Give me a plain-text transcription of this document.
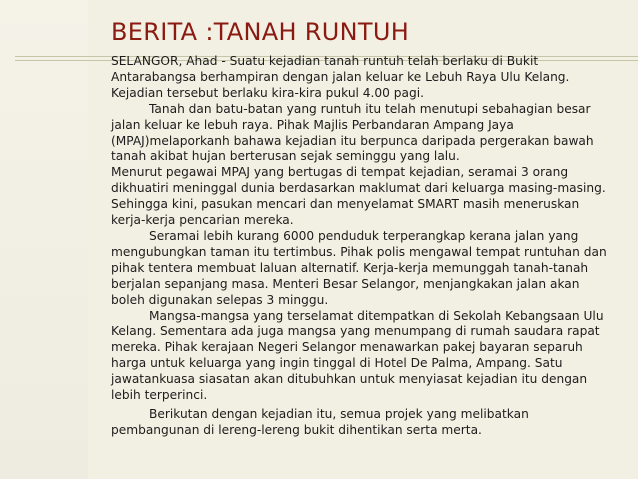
BERITA :TANAH RUNTUH

SELANGOR, Ahad - Suatu kejadian tanah runtuh telah berlaku di Bukit Antarabangsa berhampiran dengan jalan keluar ke Lebuh Raya Ulu Kelang. Kejadian tersebut berlaku kira-kira pukul 4.00 pagi.

Tanah dan batu-batan yang runtuh itu telah menutupi sebahagian besar jalan keluar ke lebuh raya. Pihak Majlis Perbandaran Ampang Jaya (MPAJ)melaporkanh bahawa kejadian itu berpunca daripada pergerakan bawah tanah akibat hujan berterusan sejak seminggu yang lalu.

Menurut pegawai MPAJ yang bertugas di tempat kejadian, seramai 3 orang dikhuatiri meninggal dunia berdasarkan maklumat dari keluarga masing-masing. Sehingga kini, pasukan mencari dan menyelamat SMART masih meneruskan kerja-kerja pencarian mereka.

Seramai lebih kurang 6000 penduduk terperangkap kerana jalan yang mengubungkan taman itu tertimbus. Pihak polis mengawal tempat runtuhan dan pihak tentera membuat laluan alternatif. Kerja-kerja memunggah tanah-tanah berjalan sepanjang masa. Menteri Besar Selangor, menjangkakan jalan akan boleh digunakan selepas 3 minggu.

Mangsa-mangsa yang terselamat ditempatkan di Sekolah Kebangsaan Ulu Kelang. Sementara ada juga mangsa yang menumpang di rumah saudara rapat mereka. Pihak kerajaan Negeri Selangor menawarkan pakej bayaran separuh harga untuk keluarga yang ingin tinggal di Hotel De Palma, Ampang. Satu jawatankuasa siasatan akan ditubuhkan untuk menyiasat kejadian itu dengan lebih terperinci.

Berikutan dengan kejadian itu, semua projek yang melibatkan pembangunan di lereng-lereng bukit dihentikan serta merta.
